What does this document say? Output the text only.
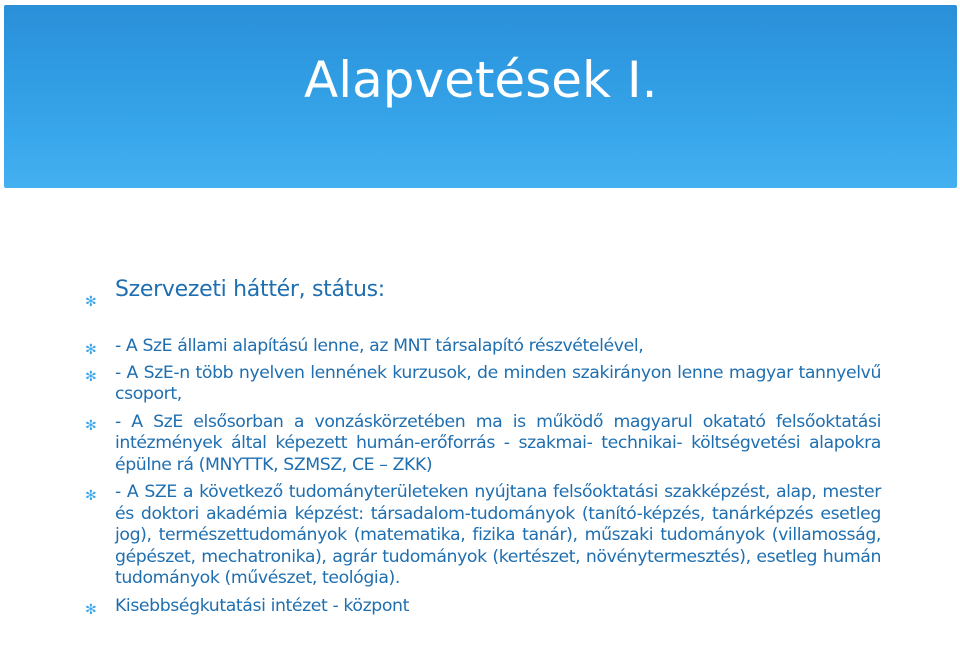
Alapvetések I.
✻ Szervezeti háttér, státus:
✻ - A SzE állami alapítású lenne, az MNT társalapító részvételével,
✻ - A SzE-n több nyelven lennének kurzusok, de minden szakirányon lenne magyar tannyelvű csoport,
✻ - A SzE elsősorban a vonzáskörzetében ma is működő magyarul okatató felsőoktatási intézmények által képezett humán-erőforrás - szakmai- technikai- költségvetési alapokra épülne rá (MNYTTK, SZMSZ, CE – ZKK)
✻ - A SZE a következő tudományterületeken nyújtana felsőoktatási szakképzést, alap, mester és doktori akadémia képzést: társadalom-tudományok (tanító-képzés, tanárképzés esetleg jog), természettudományok (matematika, fizika tanár), műszaki tudományok (villamosság, gépészet, mechatronika), agrár tudományok (kertészet, növénytermesztés), esetleg humán tudományok (művészet, teológia).
✻ Kisebbségkutatási intézet - központ
